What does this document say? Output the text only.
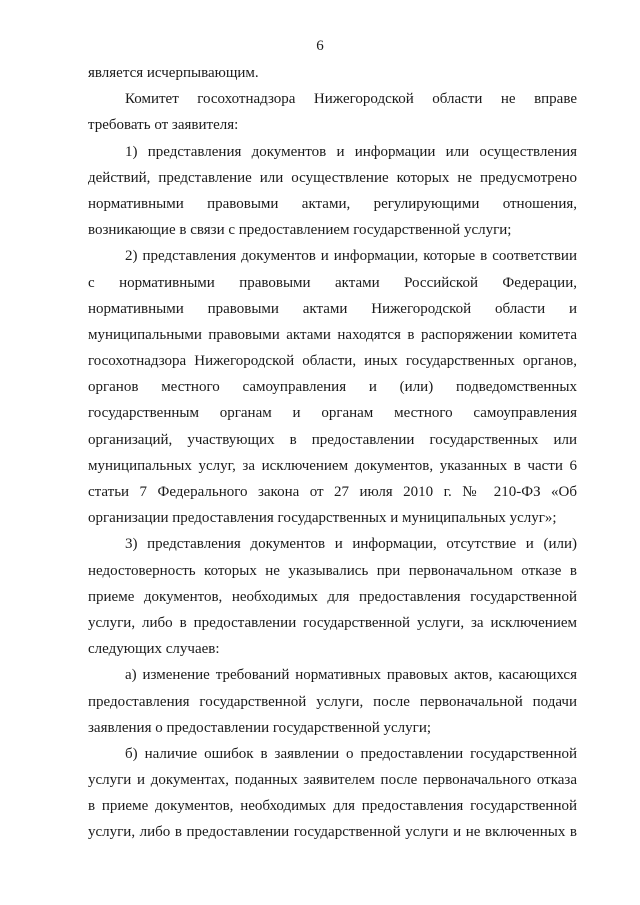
6
является исчерпывающим.
Комитет госохотнадзора Нижегородской области не вправе
требовать от заявителя:
1) представления документов и информации или осуществления
действий, представление или осуществление которых не предусмотрено
нормативными правовыми актами, регулирующими отношения,
возникающие в связи с предоставлением государственной услуги;
2) представления документов и информации, которые в соответствии
с нормативными правовыми актами Российской Федерации,
нормативными правовыми актами Нижегородской области и
муниципальными правовыми актами находятся в распоряжении комитета
госохотнадзора Нижегородской области, иных государственных органов,
органов местного самоуправления и (или) подведомственных
государственным органам и органам местного самоуправления
организаций, участвующих в предоставлении государственных или
муниципальных услуг, за исключением документов, указанных в части 6
статьи 7 Федерального закона от 27 июля 2010 г. № 210-ФЗ «Об
организации предоставления государственных и муниципальных услуг»;
3) представления документов и информации, отсутствие и (или)
недостоверность которых не указывались при первоначальном отказе в
приеме документов, необходимых для предоставления государственной
услуги, либо в предоставлении государственной услуги, за исключением
следующих случаев:
а) изменение требований нормативных правовых актов, касающихся
предоставления государственной услуги, после первоначальной подачи
заявления о предоставлении государственной услуги;
б) наличие ошибок в заявлении о предоставлении государственной
услуги и документах, поданных заявителем после первоначального отказа
в приеме документов, необходимых для предоставления государственной
услуги, либо в предоставлении государственной услуги и не включенных в
